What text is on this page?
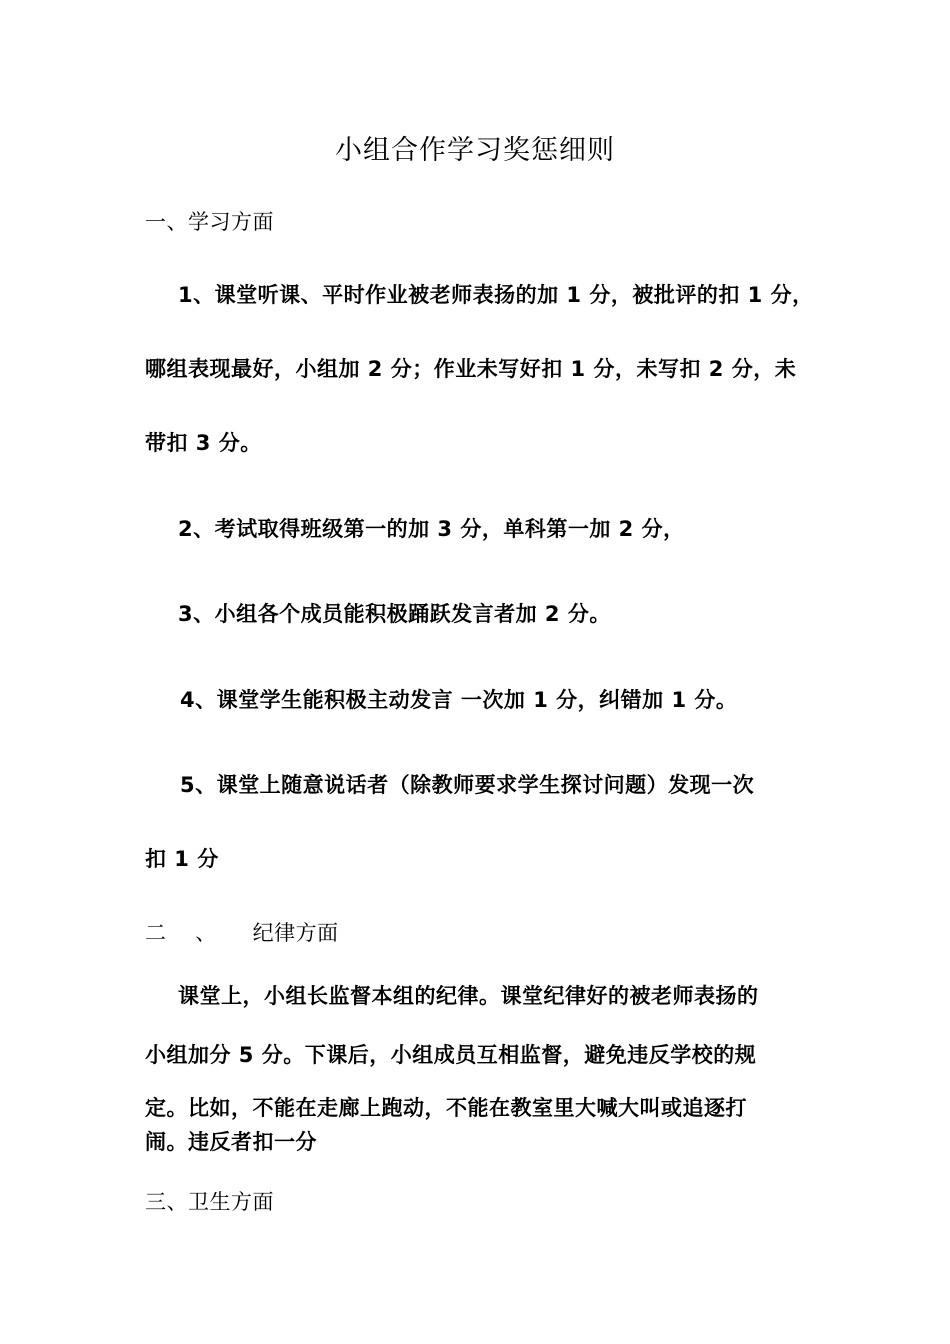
小组合作学习奖惩细则
一、学习方面
1、课堂听课、平时作业被老师表扬的加 1 分，被批评的扣 1 分，
哪组表现最好，小组加 2 分；作业未写好扣 1 分，未写扣 2 分，未
带扣 3 分。
2、考试取得班级第一的加 3 分，单科第一加 2 分，
3、小组各个成员能积极踊跃发言者加 2 分。
4、课堂学生能积极主动发言 一次加 1 分，纠错加 1 分。
5、课堂上随意说话者（除教师要求学生探讨问题）发现一次
扣 1 分
二    、     纪律方面
课堂上，小组长监督本组的纪律。课堂纪律好的被老师表扬的
小组加分 5 分。下课后，小组成员互相监督，避免违反学校的规
定。比如，不能在走廊上跑动，不能在教室里大喊大叫或追逐打
闹。违反者扣一分
三、卫生方面
